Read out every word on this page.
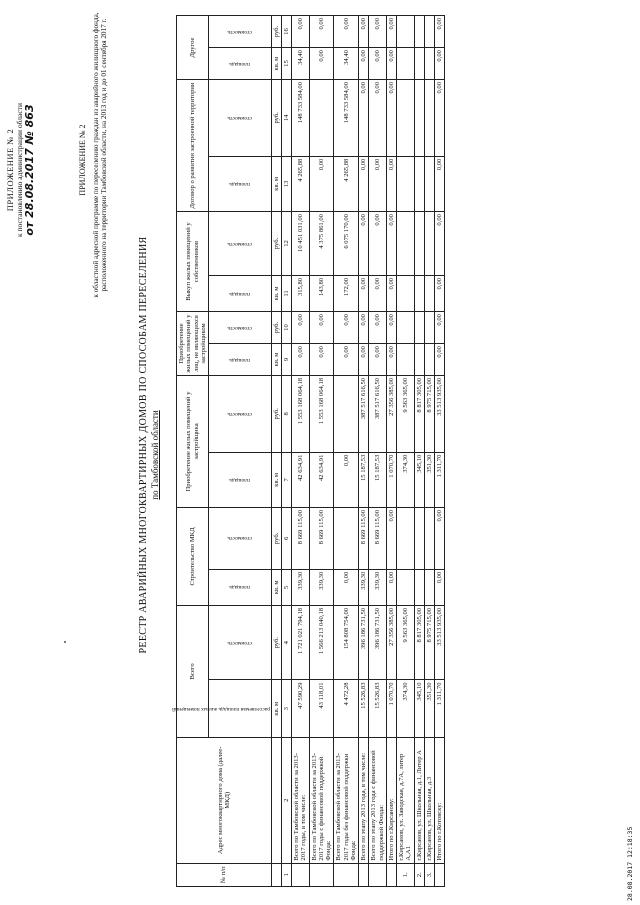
ПРИЛОЖЕНИЕ № 2 к постановлению администрации области от 28.08.2017 № 863	ПРИЛОЖЕНИЕ № 2 к областной адресной программе по переселению граждан из аварийного жилищного фонда, расположенного на территории Тамбовской области, на 2013 год и до 01 сентября 2017 г.
РЕЕСТР АВАРИЙНЫХ МНОГОКВАРТИРНЫХ ДОМОВ ПО СПОСОБАМ ПЕРЕСЕЛЕНИЯ по Тамбовской области
№ п/п	Адрес многоквартирного дома (далее- МКД)	Всего		Строительство МКД		Приобретение жилых помещений у застройщика		Приобретение жилых помещений у лиц, не являющихся застройщиком		Выкуп жилых помещений у собственников		Договор о развитии застроенной территории		Другое	

		расселяемая площадь жилых помещений	стоимость	площадь	стоимость	площадь	стоимость	площадь	стоимость	площадь	стоимость	площадь	стоимость	площадь	стоимость

		кв. м	руб.	кв. м	руб.	кв. м	руб.	кв. м	руб.	кв. м	руб.	кв. м	руб.	кв. м	руб.
1	2	3	4	5	6	7	8	9	10	11	12	13	14	15	16
	Всего по Тамбовской области за 2013-2017 годы, в том числе:	47 590,29	1 721 021 794,18	339,30	8 669 115,00	42 634,91	1 553 168 064,18	0,00	0,00	315,80	10 451 031,00	4 265,88	148 733 584,00	34,40	0,00
	Всего по Тамбовской области за 2013-2017 годы с финансовой поддержкой Фонда:	43 118,01	1 566 213 040,18	339,30	8 669 115,00	42 634,91	1 553 168 064,18	0,00	0,00	143,80	4 375 861,00	0,00		0,00	0,00
	Всего по Тамбовской области за 2013-2017 годы без финансовой поддержки Фонда:	4 472,28	154 808 754,00	0,00		0,00		0,00	0,00	172,00	6 075 170,00	4 265,88	148 733 584,00	34,40	0,00
	Всего по этапу 2013 года, в том числе:	15 526,83	396 186 731,50	339,30	8 669 115,00	15 187,53	387 517 616,50	0,00	0,00	0,00	0,00	0,00	0,00	0,00	0,00
	Всего по этапу 2013 года с финансовой поддержкой Фонда:	15 526,83	396 186 731,50	339,30	8 669 115,00	15 187,53	387 517 616,50	0,00	0,00	0,00	0,00	0,00	0,00	0,00	0,00
	Итого по г.Кирсанову:	1 070,70	27 356 385,00	0,00	0,00	1 070,70	27 356 385,00	0,00	0,00	0,00	0,00	0,00	0,00	0,00	0,00
1.	г.Кирсанов, ул. Заводская, д.7А, литер А,А1	374,30	9 563 365,00			374,30	9 563 365,00								
2.	г.Кирсанов, ул. Школьная, д.1, Литер А	345,10	8 817 305,00			345,10	8 817 305,00								
3.	г.Кирсанов, ул. Школьная, д.3	351,30	8 975 715,00			351,30	8 975 715,00								
	Итого по г.Котовску:	1 311,70	33 513 935,00	0,00	0,00	1 311,70	33 513 935,00	0,00	0,00	0,00	0,00	0,00	0,00	0,00	0,00
28.08.2017 12:18:35
